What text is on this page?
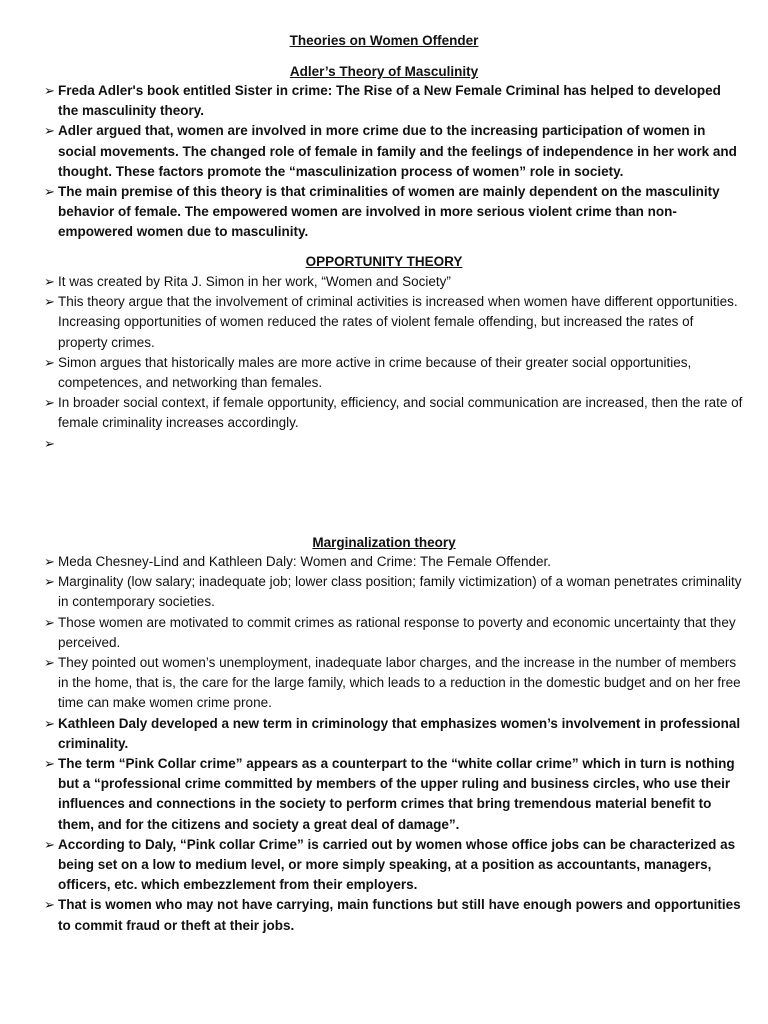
Theories on Women Offender
Adler’s Theory of Masculinity
➢ Freda Adler's book entitled Sister in crime: The Rise of a New Female Criminal has helped to developed the masculinity theory.
➢ Adler argued that, women are involved in more crime due to the increasing participation of women in social movements. The changed role of female in family and the feelings of independence in her work and thought. These factors promote the “masculinization process of women” role in society.
➢ The main premise of this theory is that criminalities of women are mainly dependent on the masculinity behavior of female. The empowered women are involved in more serious violent crime than non-empowered women due to masculinity.
OPPORTUNITY THEORY
➢ It was created by Rita J. Simon in her work, “Women and Society”
➢ This theory argue that the involvement of criminal activities is increased when women have different opportunities. Increasing opportunities of women reduced the rates of violent female offending, but increased the rates of property crimes.
➢ Simon argues that historically males are more active in crime because of their greater social opportunities, competences, and networking than females.
➢ In broader social context, if female opportunity, efficiency, and social communication are increased, then the rate of female criminality increases accordingly.
➢

Marginalization theory
➢ Meda Chesney-Lind and Kathleen Daly: Women and Crime: The Female Offender.
➢ Marginality (low salary; inadequate job; lower class position; family victimization) of a woman penetrates criminality in contemporary societies.
➢ Those women are motivated to commit crimes as rational response to poverty and economic uncertainty that they perceived.
➢ They pointed out women’s unemployment, inadequate labor charges, and the increase in the number of members in the home, that is, the care for the large family, which leads to a reduction in the domestic budget and on her free time can make women crime prone.
➢ Kathleen Daly developed a new term in criminology that emphasizes women’s involvement in professional criminality.
➢ The term “Pink Collar crime” appears as a counterpart to the “white collar crime” which in turn is nothing but a “professional crime committed by members of the upper ruling and business circles, who use their influences and connections in the society to perform crimes that bring tremendous material benefit to them, and for the citizens and society a great deal of damage”.
➢ According to Daly, “Pink collar Crime” is carried out by women whose office jobs can be characterized as being set on a low to medium level, or more simply speaking, at a position as accountants, managers, officers, etc. which embezzlement from their employers.
➢ That is women who may not have carrying, main functions but still have enough powers and opportunities to commit fraud or theft at their jobs.
